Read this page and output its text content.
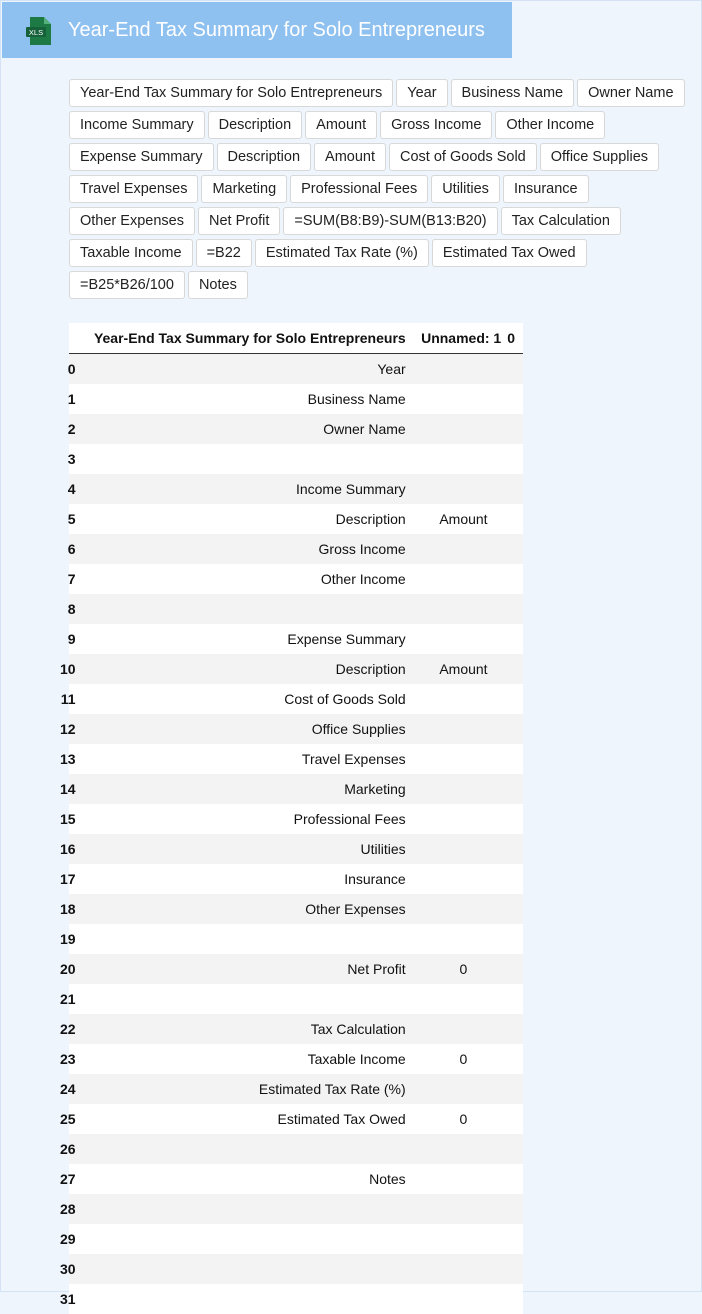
XLS Year-End Tax Summary for Solo Entrepreneurs
Year-End Tax Summary for Solo Entrepreneurs	Year	Business Name	Owner Name
Income Summary	Description	Amount	Gross Income	Other Income
Expense Summary	Description	Amount	Cost of Goods Sold	Office Supplies
Travel Expenses	Marketing	Professional Fees	Utilities	Insurance
Other Expenses	Net Profit	=SUM(B8:B9)-SUM(B13:B20)	Tax Calculation
Taxable Income	=B22	Estimated Tax Rate (%)	Estimated Tax Owed
=B25*B26/100	Notes
	Year-End Tax Summary for Solo Entrepreneurs	Unnamed: 1	0

0	Year		

1	Business Name		

2	Owner Name		

3			

4	Income Summary		

5	Description	Amount	

6	Gross Income		

7	Other Income		

8			

9	Expense Summary		

10	Description	Amount	

11	Cost of Goods Sold		

12	Office Supplies		

13	Travel Expenses		

14	Marketing		

15	Professional Fees		

16	Utilities		

17	Insurance		

18	Other Expenses		

19			

20	Net Profit	0	

21			

22	Tax Calculation		

23	Taxable Income	0	

24	Estimated Tax Rate (%)		

25	Estimated Tax Owed	0	

26			

27	Notes		

28			

29			

30			

31			
